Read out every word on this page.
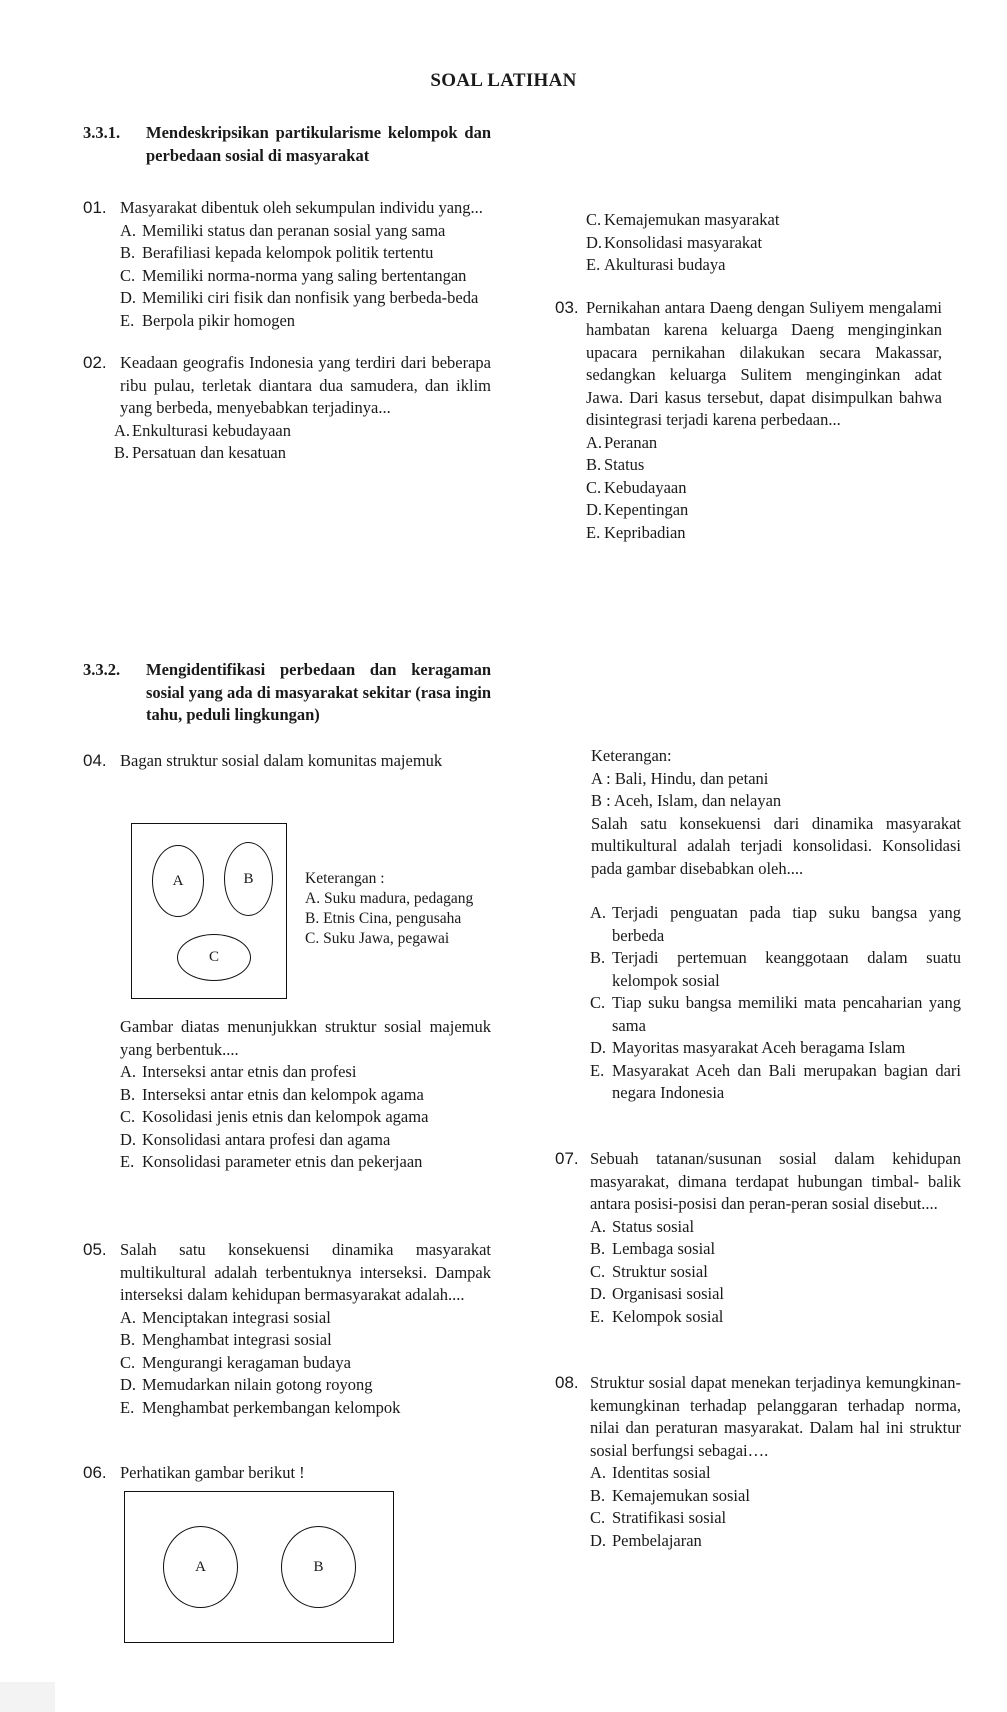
SOAL LATIHAN
3.3.1. Mendeskripsikan partikularisme kelompok dan perbedaan sosial di masyarakat
01. Masyarakat dibentuk oleh sekumpulan individu yang...
A. Memiliki status dan peranan sosial yang sama
B. Berafiliasi kepada kelompok politik tertentu
C. Memiliki norma-norma yang saling bertentangan
D. Memiliki ciri fisik dan nonfisik yang berbeda-beda
E. Berpola pikir homogen
02. Keadaan geografis Indonesia yang terdiri dari beberapa ribu pulau, terletak diantara dua samudera, dan iklim yang berbeda, menyebabkan terjadinya...
A. Enkulturasi kebudayaan
B. Persatuan dan kesatuan
C. Kemajemukan masyarakat
D. Konsolidasi masyarakat
E. Akulturasi budaya
03. Pernikahan antara Daeng dengan Suliyem mengalami hambatan karena keluarga Daeng menginginkan upacara pernikahan dilakukan secara Makassar, sedangkan keluarga Sulitem menginginkan adat Jawa. Dari kasus tersebut, dapat disimpulkan bahwa disintegrasi terjadi karena perbedaan...
A. Peranan
B. Status
C. Kebudayaan
D. Kepentingan
E. Kepribadian
3.3.2. Mengidentifikasi perbedaan dan keragaman sosial yang ada di masyarakat sekitar (rasa ingin tahu, peduli lingkungan)
04. Bagan struktur sosial dalam komunitas majemuk
A	B
C
Keterangan :
A. Suku madura, pedagang
B. Etnis Cina, pengusaha
C. Suku Jawa, pegawai
Gambar diatas menunjukkan struktur sosial majemuk yang berbentuk....
A. Interseksi antar etnis dan profesi
B. Interseksi antar etnis dan kelompok agama
C. Kosolidasi jenis etnis dan kelompok agama
D. Konsolidasi antara profesi dan agama
E. Konsolidasi parameter etnis dan pekerjaan
05. Salah satu konsekuensi dinamika masyarakat multikultural adalah terbentuknya interseksi. Dampak interseksi dalam kehidupan bermasyarakat adalah....
A. Menciptakan integrasi sosial
B. Menghambat integrasi sosial
C. Mengurangi keragaman budaya
D. Memudarkan nilain gotong royong
E. Menghambat perkembangan kelompok
06. Perhatikan gambar berikut !
A	B
Keterangan:
A : Bali, Hindu, dan petani
B : Aceh, Islam, dan nelayan
Salah satu konsekuensi dari dinamika masyarakat multikultural adalah terjadi konsolidasi. Konsolidasi pada gambar disebabkan oleh....
A. Terjadi penguatan pada tiap suku bangsa yang berbeda
B. Terjadi pertemuan keanggotaan dalam suatu kelompok sosial
C. Tiap suku bangsa memiliki mata pencaharian yang sama
D. Mayoritas masyarakat Aceh beragama Islam
E. Masyarakat Aceh dan Bali merupakan bagian dari negara Indonesia
07. Sebuah tatanan/susunan sosial dalam kehidupan masyarakat, dimana terdapat hubungan timbal- balik antara posisi-posisi dan peran-peran sosial disebut....
A. Status sosial
B. Lembaga sosial
C. Struktur sosial
D. Organisasi sosial
E. Kelompok sosial
08. Struktur sosial dapat menekan terjadinya kemungkinan-kemungkinan terhadap pelanggaran terhadap norma, nilai dan peraturan masyarakat. Dalam hal ini struktur sosial berfungsi sebagai….
A. Identitas sosial
B. Kemajemukan sosial
C. Stratifikasi sosial
D. Pembelajaran
